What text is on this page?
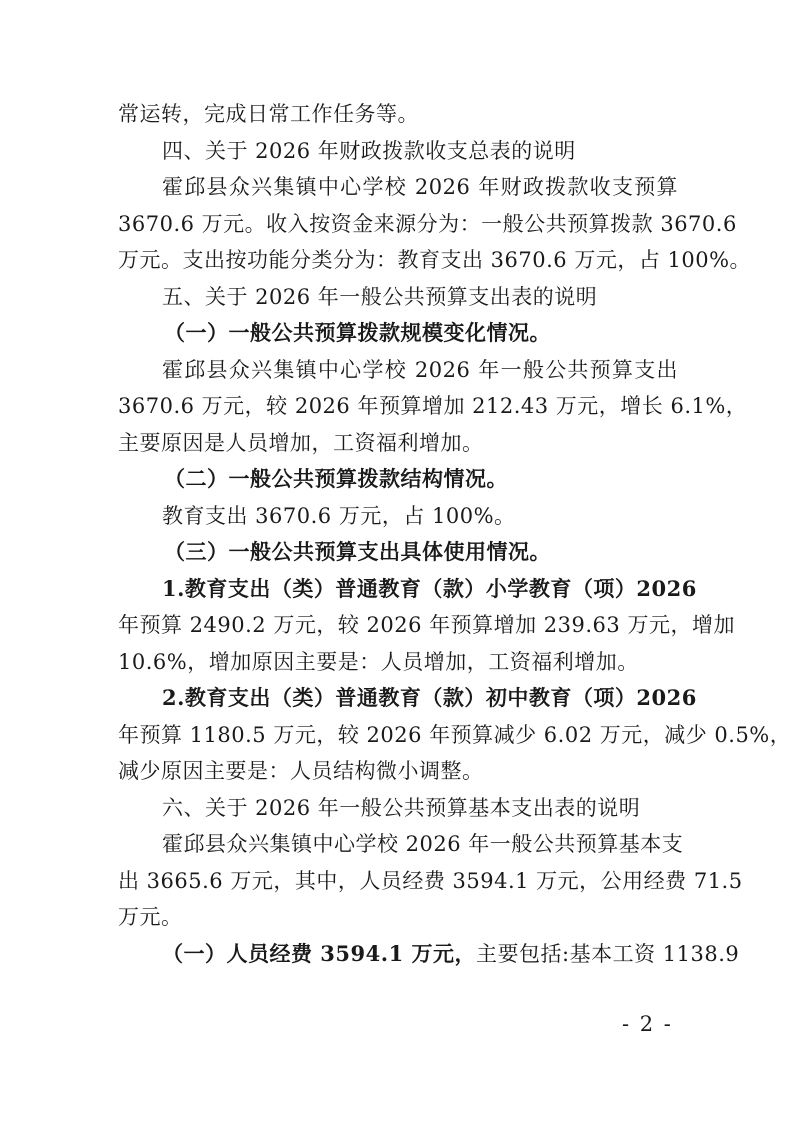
常运转，完成日常工作任务等。
四、关于 2026 年财政拨款收支总表的说明
霍邱县众兴集镇中心学校 2026 年财政拨款收支预算
3670.6 万元。收入按资金来源分为：一般公共预算拨款 3670.6
万元。支出按功能分类分为：教育支出 3670.6 万元，占 100%。
五、关于 2026 年一般公共预算支出表的说明
（一）一般公共预算拨款规模变化情况。
霍邱县众兴集镇中心学校 2026 年一般公共预算支出
3670.6 万元，较 2026 年预算增加 212.43 万元，增长 6.1%，
主要原因是人员增加，工资福利增加。
（二）一般公共预算拨款结构情况。
教育支出 3670.6 万元，占 100%。
（三）一般公共预算支出具体使用情况。
1.教育支出（类）普通教育（款）小学教育（项）2026
年预算 2490.2 万元，较 2026 年预算增加 239.63 万元，增加
10.6%，增加原因主要是：人员增加，工资福利增加。
2.教育支出（类）普通教育（款）初中教育（项）2026
年预算 1180.5 万元，较 2026 年预算减少 6.02 万元，减少 0.5%，
减少原因主要是：人员结构微小调整。
六、关于 2026 年一般公共预算基本支出表的说明
霍邱县众兴集镇中心学校 2026 年一般公共预算基本支
出 3665.6 万元，其中，人员经费 3594.1 万元，公用经费 71.5
万元。
（一）人员经费 3594.1 万元，主要包括:基本工资 1138.9
- 2 -
